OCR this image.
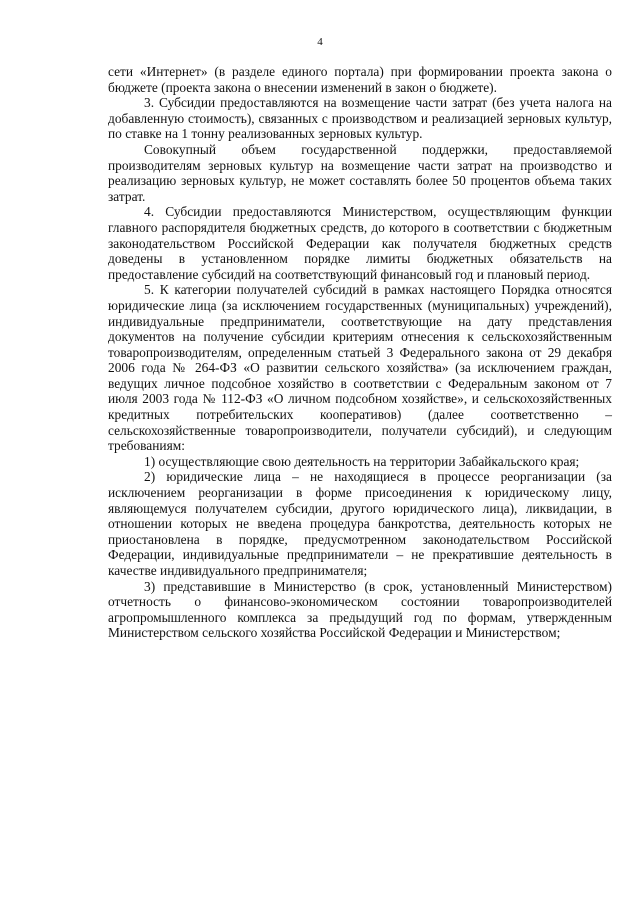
4

сети «Интернет» (в разделе единого портала) при формировании проекта закона о бюджете (проекта закона о внесении изменений в закон о бюджете).

3. Субсидии предоставляются на возмещение части затрат (без учета налога на добавленную стоимость), связанных с производством и реализацией зерновых культур, по ставке на 1 тонну реализованных зерновых культур.

Совокупный объем государственной поддержки, предоставляемой производителям зерновых культур на возмещение части затрат на производство и реализацию зерновых культур, не может составлять более 50 процентов объема таких затрат.

4. Субсидии предоставляются Министерством, осуществляющим функции главного распорядителя бюджетных средств, до которого в соответствии с бюджетным законодательством Российской Федерации как получателя бюджетных средств доведены в установленном порядке лимиты бюджетных обязательств на предоставление субсидий на соответствующий финансовый год и плановый период.

5. К категории получателей субсидий в рамках настоящего Порядка относятся юридические лица (за исключением государственных (муниципальных) учреждений), индивидуальные предприниматели, соответствующие на дату представления документов на получение субсидии критериям отнесения к сельскохозяйственным товаропроизводителям, определенным статьей 3 Федерального закона от 29 декабря 2006 года № 264-ФЗ «О развитии сельского хозяйства» (за исключением граждан, ведущих личное подсобное хозяйство в соответствии с Федеральным законом от 7 июля 2003 года № 112-ФЗ «О личном подсобном хозяйстве», и сельскохозяйственных кредитных потребительских кооперативов) (далее соответственно – сельскохозяйственные товаропроизводители, получатели субсидий), и следующим требованиям:

1) осуществляющие свою деятельность на территории Забайкальского края;

2) юридические лица – не находящиеся в процессе реорганизации (за исключением реорганизации в форме присоединения к юридическому лицу, являющемуся получателем субсидии, другого юридического лица), ликвидации, в отношении которых не введена процедура банкротства, деятельность которых не приостановлена в порядке, предусмотренном законодательством Российской Федерации, индивидуальные предприниматели – не прекратившие деятельность в качестве индивидуального предпринимателя;

3) представившие в Министерство (в срок, установленный Министерством) отчетность о финансово-экономическом состоянии товаропроизводителей агропромышленного комплекса за предыдущий год по формам, утвержденным Министерством сельского хозяйства Российской Федерации и Министерством;
